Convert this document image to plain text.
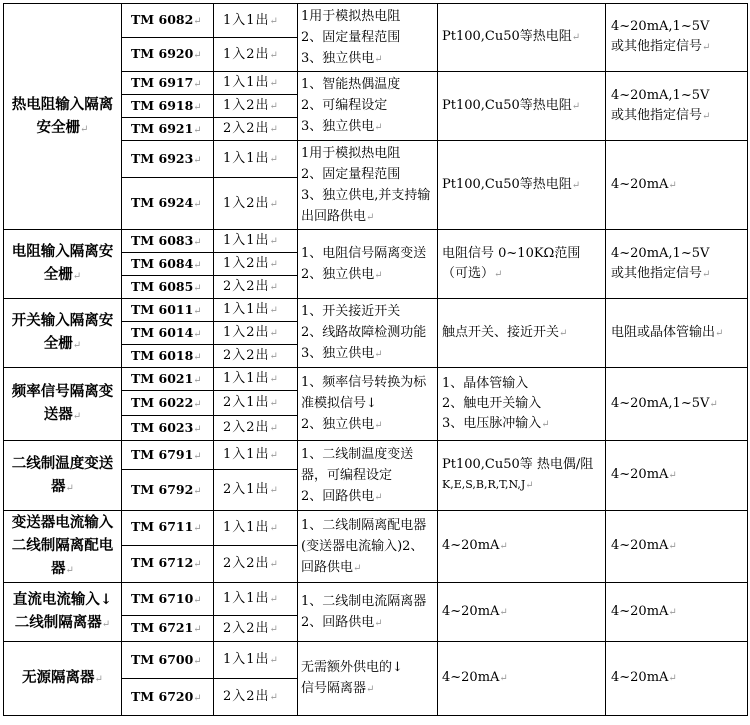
热电阻输入隔离安全栅↵	TM 6082↵	1入1出↵	1用于模拟热电阻
2、固定量程范围
3、独立供电↵	Pt100,Cu50等热电阻↵	4~20mA,1~5V
或其他指定信号↵
	TM 6920↵	1入2出↵			
	TM 6917↵	1入1出↵	1、智能热偶温度
2、可编程设定
3、独立供电↵	Pt100,Cu50等热电阻↵	4~20mA,1~5V
或其他指定信号↵
	TM 6918↵	1入2出↵			
	TM 6921↵	2入2出↵			
	TM 6923↵	1入1出↵	1用于模拟热电阻
2、固定量程范围
3、独立供电,并支持输出回路供电↵	Pt100,Cu50等热电阻↵	4~20mA↵
	TM 6924↵	1入2出↵			
电阻输入隔离安全栅↵	TM 6083↵	1入1出↵	1、电阻信号隔离变送
2、独立供电↵	电阻信号 0~10KΩ范围（可选）↵	4~20mA,1~5V
或其他指定信号↵
	TM 6084↵	1入2出↵			
	TM 6085↵	2入2出↵			
开关输入隔离安全栅↵	TM 6011↵	1入1出↵	1、开关接近开关
2、线路故障检测功能 3、独立供电↵	触点开关、接近开关↵	电阻或晶体管输出↵
	TM 6014↵	1入2出↵			
	TM 6018↵	2入2出↵			
频率信号隔离变送器↵	TM 6021↵	1入1出↵	1、频率信号转换为标准模拟信号↓
2、独立供电↵	1、晶体管输入
2、触电开关输入
3、电压脉冲输入↵	4~20mA,1~5V↵
	TM 6022↵	2入1出↵			
	TM 6023↵	2入2出↵			
二线制温度变送器↵	TM 6791↵	1入1出↵	1、二线制温度变送器，可编程设定
2、回路供电↵	Pt100,Cu50等 热电偶/阻
K,E,S,B,R,T,N,J↵	4~20mA↵
	TM 6792↵	2入1出↵			
变送器电流输入二线制隔离配电器↵	TM 6711↵	1入1出↵	1、二线制隔离配电器(变送器电流输入)2、回路供电↵	4~20mA↵	4~20mA↵
	TM 6712↵	2入2出↵			
直流电流输入↓二线制隔离器↵	TM 6710↵	1入1出↵	1、二线制电流隔离器 2、回路供电↵	4~20mA↵	4~20mA↵
	TM 6721↵	2入2出↵			
无源隔离器↵	TM 6700↵	1入1出↵	无需额外供电的↓
信号隔离器↵	4~20mA↵	4~20mA↵
	TM 6720↵	2入2出↵			
